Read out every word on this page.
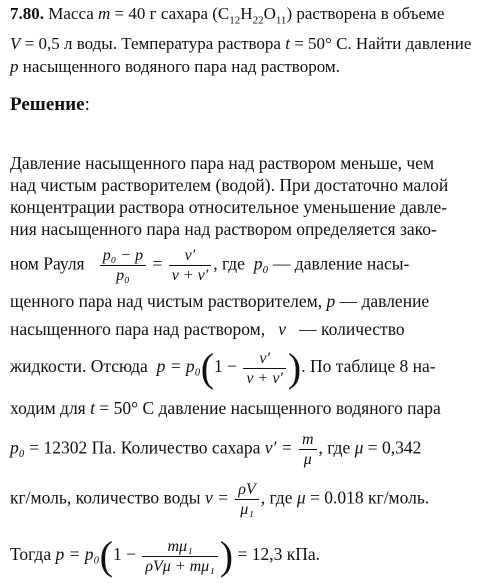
7.80. Масса m = 40 г сахара $(C_{12}H_{22}O_{11})$ растворена в объеме
V = 0,5 л воды. Температура раствора t = 50° C. Найти давление
p насыщенного водяного пара над раствором.
Решение:
Давление насыщенного пара над раствором меньше, чем
над чистым растворителем (водой). При достаточно малой
концентрации раствора относительное уменьшение давле-
ния насыщенного пара над раствором определяется зако-
ном Рауля $\frac{\text{p₀ − p}}{\text{p₀}} = \frac{\nu'}{\nu + \nu'}$ , где p₀ — давление насы-
щенного пара над чистым растворителем, p — давление
насыщенного пара над раствором, ν — количество
жидкости. Отсюда $p = p_0(1 - \frac{\nu'}{\nu + \nu'}$ ). По таблице 8 на-
ходим для t = 50° C давление насыщенного водяного пара
p₀ = 12302 Па. Количество сахара $\nu' = \frac{m}{\mu}$ , где μ = 0,342
кг/моль, количество воды $\nu = \frac{\rho V}{\text{μ₁}}$ , где μ = 0.018 кг/моль.
Тогда $p = p_0(1 - \frac{\text{mμ₁}}{\text{ρVμ + mμ₁}}$ ) = 12,3 кПа.
